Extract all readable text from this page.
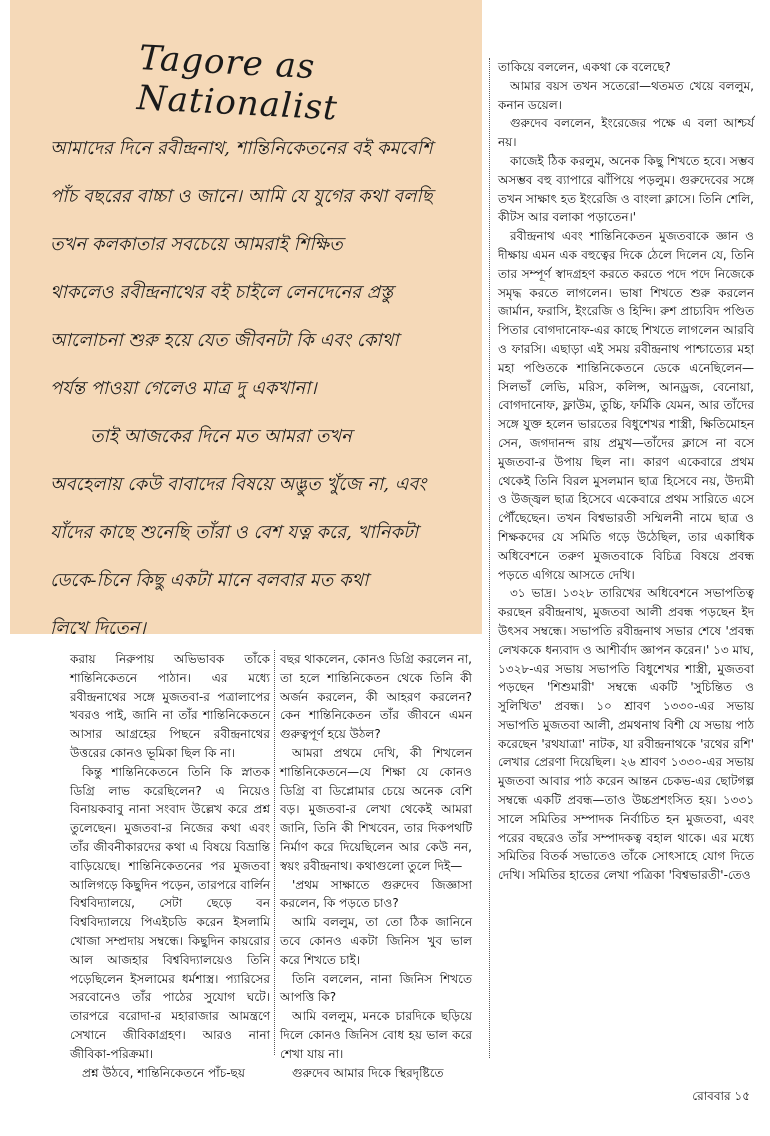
Tagore as Nationalist
আমাদের দিনে রবীন্দ্রনাথ, শান্তিনিকেতনের বই কমবেশি
পাঁচ বছরের বাচ্চা ও জানে। আমি যে যুগের কথা বলছি
তখন কলকাতার সবচেয়ে আমরাই শিক্ষিত
থাকলেও রবীন্দ্রনাথের বই চাইলে লেনদেনের প্রস্তু
আলোচনা শুরু হয়ে যেত জীবনটা কি এবং কোথা
পর্যন্ত পাওয়া গেলেও মাত্র দু একখানা।
তাই আজকের দিনে মত আমরা তখন
অবহেলায় কেউ বাবাদের বিষয়ে অদ্ভুত খুঁজে না, এবং
যাঁদের কাছে শুনেছি তাঁরা ও বেশ যত্ন করে, খানিকটা
ডেকে-চিনে কিছু একটা মানে বলবার মত কথা
লিখে দিতেন।

তাকিয়ে বললেন, একথা কে বলেছে?

আমার বয়স তখন সতেরো—থতমত খেয়ে বললুম, কনান ডয়েল।

গুরুদেব বললেন, ইংরেজের পক্ষে এ বলা আশ্চর্য নয়।

কাজেই ঠিক করলুম, অনেক কিছু শিখতে হবে। সম্ভব অসম্ভব বহু ব্যাপারে ঝাঁপিয়ে পড়লুম। গুরুদেবের সঙ্গে তখন সাক্ষাৎ হত ইংরেজি ও বাংলা ক্লাসে। তিনি শেলি, কীটস আর বলাকা পড়াতেন।'

রবীন্দ্রনাথ এবং শান্তিনিকেতন মুজতবাকে জ্ঞান ও দীক্ষায় এমন এক বহুত্বের দিকে ঠেলে দিলেন যে, তিনি তার সম্পূর্ণ স্বাদগ্রহণ করতে করতে পদে পদে নিজেকে সমৃদ্ধ করতে লাগলেন। ভাষা শিখতে শুরু করলেন জার্মান, ফরাসি, ইংরেজি ও হিন্দি। রুশ প্রাচ্যবিদ পণ্ডিত পিতার বোগদানোফ-এর কাছে শিখতে লাগলেন আরবি ও ফারসি। এছাড়া এই সময় রবীন্দ্রনাথ পাশ্চাত্যের মহা মহা পণ্ডিতকে শান্তিনিকেতনে ডেকে এনেছিলেন—সিলভাঁ লেভি, মরিস, কলিন্স, আনড্রজ, বেনোয়া, বোগদানোফ, ফ্লাউম, তুচ্চি, ফর্মিকি যেমন, আর তাঁদের সঙ্গে যুক্ত হলেন ভারতের বিধুশেখর শাস্ত্রী, ক্ষিতিমোহন সেন, জগদানন্দ রায় প্রমুখ—তাঁদের ক্লাসে না বসে মুজতবা-র উপায় ছিল না। কারণ একেবারে প্রথম থেকেই তিনি বিরল মুসলমান ছাত্র হিসেবে নয়, উদ্যমী ও উজ্জ্বল ছাত্র হিসেবে একেবারে প্রথম সারিতে এসে পৌঁছেছেন। তখন বিশ্বভারতী সম্মিলনী নামে ছাত্র ও শিক্ষকদের যে সমিতি গড়ে উঠেছিল, তার একাধিক অধিবেশনে তরুণ মুজতবাকে বিচিত্র বিষয়ে প্রবন্ধ পড়তে এগিয়ে আসতে দেখি।

৩১ ভাদ্র। ১৩২৮ তারিখের অধিবেশনে সভাপতিত্ব করছেন রবীন্দ্রনাথ, মুজতবা আলী প্রবন্ধ পড়ছেন ইদ উৎসব সম্বন্ধে। সভাপতি রবীন্দ্রনাথ সভার শেষে 'প্রবন্ধ লেখককে ধন্যবাদ ও আশীর্বাদ জ্ঞাপন করেন।' ১৩ মাঘ, ১৩২৮-এর সভায় সভাপতি বিধুশেখর শাস্ত্রী, মুজতবা পড়ছেন 'শিশুমারী' সম্বন্ধে একটি 'সুচিন্তিত ও সুলিখিত' প্রবন্ধ। ১০ শ্রাবণ ১৩৩০-এর সভায় সভাপতি মুজতবা আলী, প্রমথনাথ বিশী যে সভায় পাঠ করেছেন 'রথযাত্রা' নাটক, যা রবীন্দ্রনাথকে 'রথের রশি' লেখার প্রেরণা দিয়েছিল। ২৬ শ্রাবণ ১৩৩০-এর সভায় মুজতবা আবার পাঠ করেন আন্তন চেকভ-এর ছোটগল্প সম্বন্ধে একটি প্রবন্ধ—তাও উচ্চপ্রশংসিত হয়। ১৩৩১ সালে সমিতির সম্পাদক নির্বাচিত হন মুজতবা, এবং পরের বছরেও তাঁর সম্পাদকত্ব বহাল থাকে। এর মধ্যে সমিতির বিতর্ক সভাতেও তাঁকে সোৎসাহে যোগ দিতে দেখি। সমিতির হাতের লেখা পত্রিকা 'বিশ্বভারতী'-তেও

করায় নিরুপায় অভিভাবক তাঁকে শান্তিনিকেতনে পাঠান। এর মধ্যে রবীন্দ্রনাথের সঙ্গে মুজতবা-র পত্রালাপের খবরও পাই, জানি না তাঁর শান্তিনিকেতনে আসার আগ্রহের পিছনে রবীন্দ্রনাথের উত্তরের কোনও ভূমিকা ছিল কি না।

কিন্তু শান্তিনিকেতনে তিনি কি স্নাতক ডিগ্রি লাভ করেছিলেন? এ নিয়েও বিনায়কবাবু নানা সংবাদ উল্লেখ করে প্রশ্ন তুলেছেন। মুজতবা-র নিজের কথা এবং তাঁর জীবনীকারদের কথা এ বিষয়ে বিভ্রান্তি বাড়িয়েছে। শান্তিনিকেতনের পর মুজতবা আলিগড়ে কিছুদিন পড়েন, তারপরে বার্লিন বিশ্ববিদ্যালয়ে, সেটা ছেড়ে বন বিশ্ববিদ্যালয়ে পিএইচডি করেন ইসলামি খোজা সম্প্রদায় সম্বন্ধে। কিছুদিন কায়রোর আল আজহার বিশ্ববিদ্যালয়েও তিনি পড়েছিলেন ইসলামের ধর্মশাস্ত্র। প্যারিসের সরবোনেও তাঁর পাঠের সুযোগ ঘটে। তারপরে বরোদা-র মহারাজার আমন্ত্রণে সেখানে জীবিকাগ্রহণ। আরও নানা জীবিকা-পরিক্রমা।

প্রশ্ন উঠবে, শান্তিনিকেতনে পাঁচ-ছয়

বছর থাকলেন, কোনও ডিগ্রি করলেন না, তা হলে শান্তিনিকেতন থেকে তিনি কী অর্জন করলেন, কী আহরণ করলেন? কেন শান্তিনিকেতন তাঁর জীবনে এমন গুরুত্বপূর্ণ হয়ে উঠল?

আমরা প্রথমে দেখি, কী শিখলেন শান্তিনিকেতনে—যে শিক্ষা যে কোনও ডিগ্রি বা ডিপ্লোমার চেয়ে অনেক বেশি বড়। মুজতবা-র লেখা থেকেই আমরা জানি, তিনি কী শিখবেন, তার দিকপথটি নির্মাণ করে দিয়েছিলেন আর কেউ নন, স্বয়ং রবীন্দ্রনাথ। কথাগুলো তুলে দিই—

'প্রথম সাক্ষাতে গুরুদেব জিজ্ঞাসা করলেন, কি পড়তে চাও?

আমি বললুম, তা তো ঠিক জানিনে তবে কোনও একটা জিনিস খুব ভাল করে শিখতে চাই।

তিনি বললেন, নানা জিনিস শিখতে আপত্তি কি?

আমি বললুম, মনকে চারদিকে ছড়িয়ে দিলে কোনও জিনিস বোধ হয় ভাল করে শেখা যায় না।

গুরুদেব আমার দিকে স্থিরদৃষ্টিতে

রোববার ১৫
